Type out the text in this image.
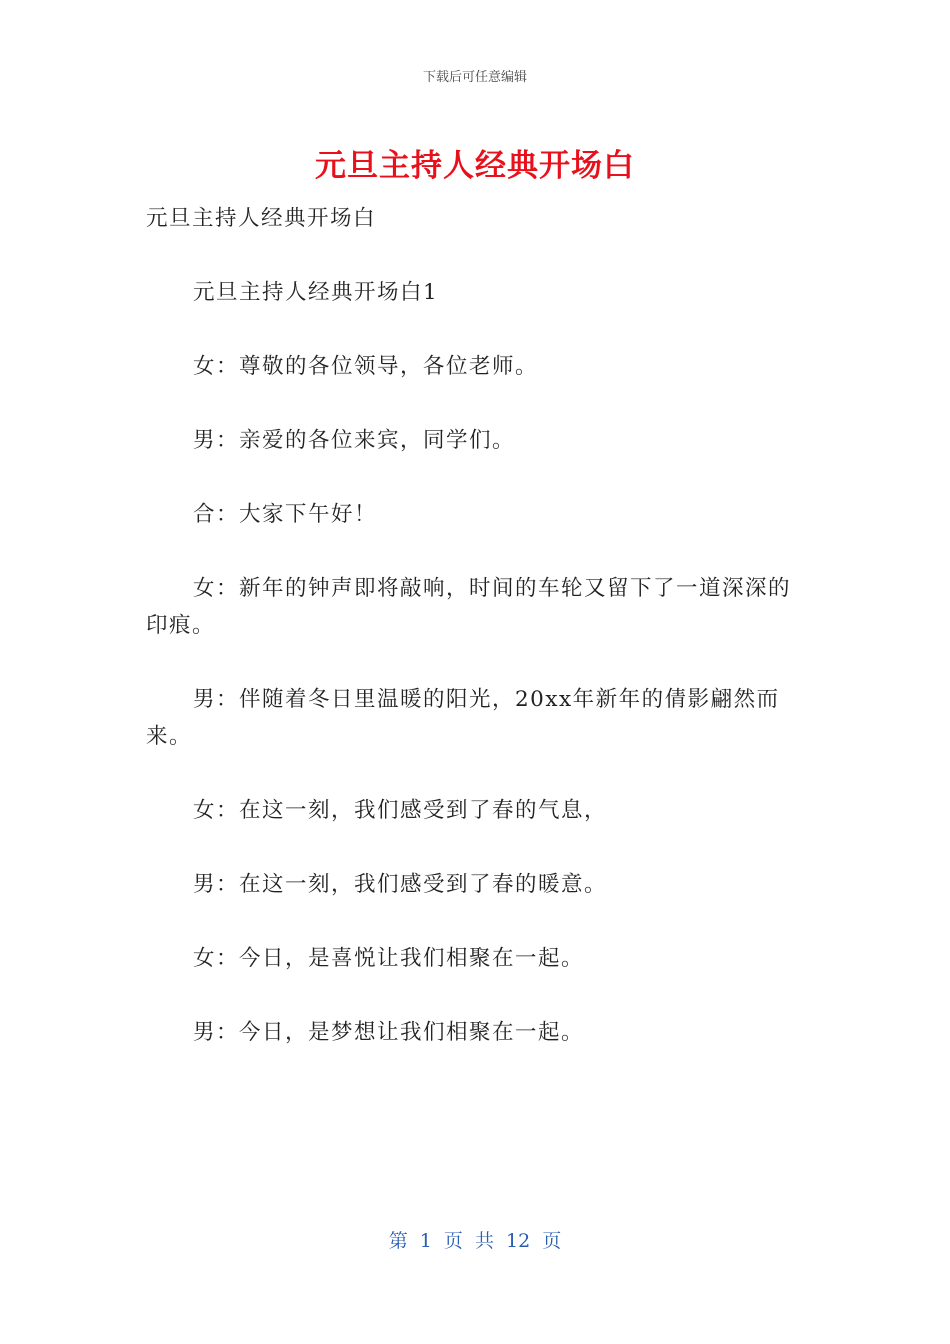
下载后可任意编辑
元旦主持人经典开场白

元旦主持人经典开场白

元旦主持人经典开场白1

女：尊敬的各位领导，各位老师。

男：亲爱的各位来宾，同学们。

合：大家下午好！

女：新年的钟声即将敲响，时间的车轮又留下了一道深深的印痕。

男：伴随着冬日里温暖的阳光，20xx年新年的倩影翩然而来。

女：在这一刻，我们感受到了春的气息，

男：在这一刻，我们感受到了春的暖意。

女：今日，是喜悦让我们相聚在一起。

男：今日，是梦想让我们相聚在一起。

第 1 页 共 12 页
